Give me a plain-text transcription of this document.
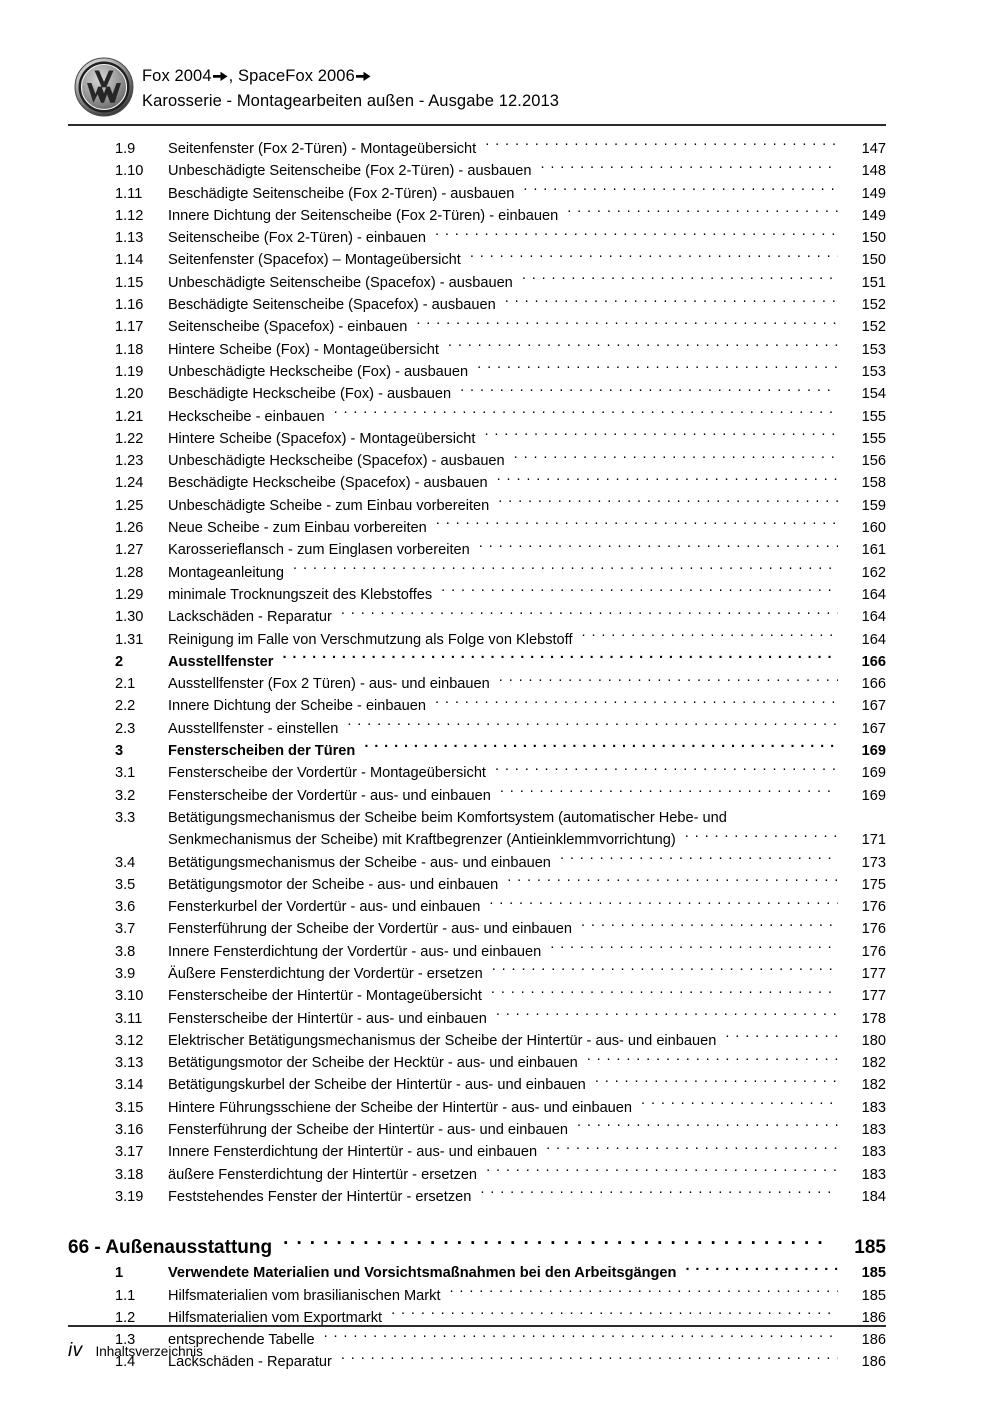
Fox 2004 , SpaceFox 2006
Karosserie - Montagearbeiten außen - Ausgabe 12.2013
1.9	Seitenfenster (Fox 2-Türen) - Montageübersicht . . .	147
1.10	Unbeschädigte Seitenscheibe (Fox 2-Türen) - ausbauen . . .	148
1.11	Beschädigte Seitenscheibe (Fox 2-Türen) - ausbauen . . .	149
1.12	Innere Dichtung der Seitenscheibe (Fox 2-Türen) - einbauen . . .	149
1.13	Seitenscheibe (Fox 2-Türen) - einbauen . . .	150
1.14	Seitenfenster (Spacefox) – Montageübersicht . . .	150
1.15	Unbeschädigte Seitenscheibe (Spacefox) - ausbauen . . .	151
1.16	Beschädigte Seitenscheibe (Spacefox) - ausbauen . . .	152
1.17	Seitenscheibe (Spacefox) - einbauen . . .	152
1.18	Hintere Scheibe (Fox) - Montageübersicht . . .	153
1.19	Unbeschädigte Heckscheibe (Fox) - ausbauen . . .	153
1.20	Beschädigte Heckscheibe (Fox) - ausbauen . . .	154
1.21	Heckscheibe - einbauen . . .	155
1.22	Hintere Scheibe (Spacefox) - Montageübersicht . . .	155
1.23	Unbeschädigte Heckscheibe (Spacefox) - ausbauen . . .	156
1.24	Beschädigte Heckscheibe (Spacefox) - ausbauen . . .	158
1.25	Unbeschädigte Scheibe - zum Einbau vorbereiten . . .	159
1.26	Neue Scheibe - zum Einbau vorbereiten . . .	160
1.27	Karosserieflansch - zum Einglasen vorbereiten . . .	161
1.28	Montageanleitung . . .	162
1.29	minimale Trocknungszeit des Klebstoffes . . .	164
1.30	Lackschäden - Reparatur . . .	164
1.31	Reinigung im Falle von Verschmutzung als Folge von Klebstoff . . .	164
2	Ausstellfenster . . .	166
2.1	Ausstellfenster (Fox 2 Türen) - aus- und einbauen . . .	166
2.2	Innere Dichtung der Scheibe - einbauen . . .	167
2.3	Ausstellfenster - einstellen . . .	167
3	Fensterscheiben der Türen . . .	169
3.1	Fensterscheibe der Vordertür - Montageübersicht . . .	169
3.2	Fensterscheibe der Vordertür - aus- und einbauen . . .	169
3.3	Betätigungsmechanismus der Scheibe beim Komfortsystem (automatischer Hebe- und
Senkmechanismus der Scheibe) mit Kraftbegrenzer (Antieinklemmvorrichtung) . . .	171
3.4	Betätigungsmechanismus der Scheibe - aus- und einbauen . . .	173
3.5	Betätigungsmotor der Scheibe - aus- und einbauen . . .	175
3.6	Fensterkurbel der Vordertür - aus- und einbauen . . .	176
3.7	Fensterführung der Scheibe der Vordertür - aus- und einbauen . . .	176
3.8	Innere Fensterdichtung der Vordertür - aus- und einbauen . . .	176
3.9	Äußere Fensterdichtung der Vordertür - ersetzen . . .	177
3.10	Fensterscheibe der Hintertür - Montageübersicht . . .	177
3.11	Fensterscheibe der Hintertür - aus- und einbauen . . .	178
3.12	Elektrischer Betätigungsmechanismus der Scheibe der Hintertür - aus- und einbauen . . .	180
3.13	Betätigungsmotor der Scheibe der Hecktür - aus- und einbauen . . .	182
3.14	Betätigungskurbel der Scheibe der Hintertür - aus- und einbauen . . .	182
3.15	Hintere Führungsschiene der Scheibe der Hintertür - aus- und einbauen . . .	183
3.16	Fensterführung der Scheibe der Hintertür - aus- und einbauen . . .	183
3.17	Innere Fensterdichtung der Hintertür - aus- und einbauen . . .	183
3.18	äußere Fensterdichtung der Hintertür - ersetzen . . .	183
3.19	Feststehendes Fenster der Hintertür - ersetzen . . .	184
66 - Außenausstattung . . .	185
1	Verwendete Materialien und Vorsichtsmaßnahmen bei den Arbeitsgängen . . .	185
1.1	Hilfsmaterialien vom brasilianischen Markt . . .	185
1.2	Hilfsmaterialien vom Exportmarkt . . .	186
1.3	entsprechende Tabelle . . .	186
1.4	Lackschäden - Reparatur . . .	186
iv Inhaltsverzeichnis
